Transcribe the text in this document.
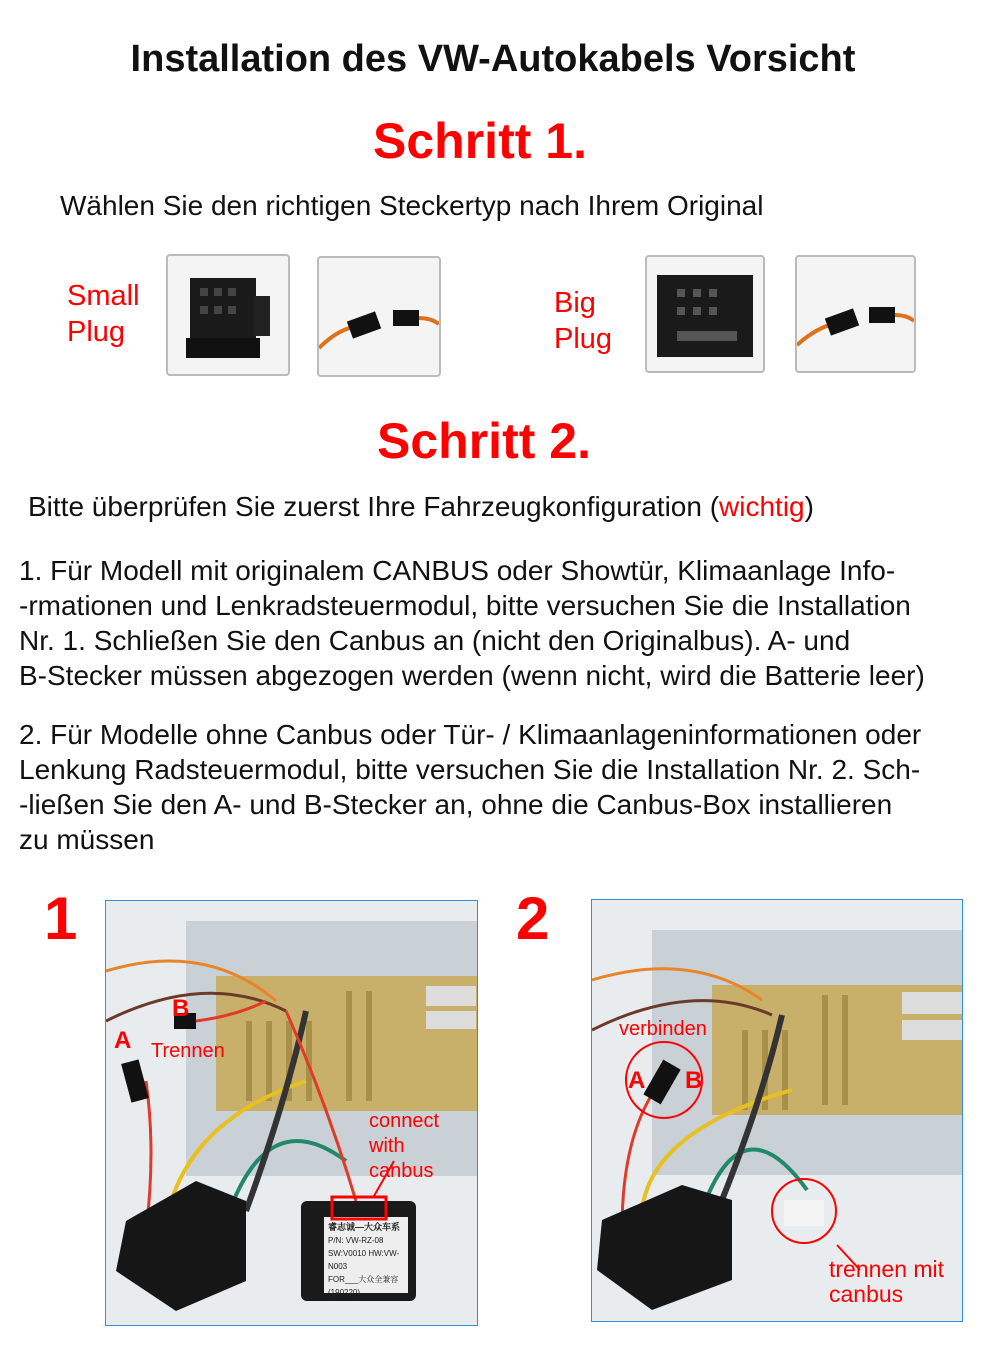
Installation des VW-Autokabels Vorsicht
Schritt 1.
Wählen Sie den richtigen Steckertyp nach Ihrem Original
Small
Plug
Big
Plug
Schritt 2.
Bitte überprüfen Sie zuerst Ihre Fahrzeugkonfiguration (wichtig)
1. Für Modell mit originalem CANBUS oder Showtür, Klimaanlage Info-
-rmationen und Lenkradsteuermodul, bitte versuchen Sie die Installation
Nr. 1. Schließen Sie den Canbus an (nicht den Originalbus). A- und
B-Stecker müssen abgezogen werden (wenn nicht, wird die Batterie leer)
2. Für Modelle ohne Canbus oder Tür- / Klimaanlageninformationen oder
Lenkung Radsteuermodul, bitte versuchen Sie die Installation Nr. 2. Sch-
-ließen Sie den A- und B-Stecker an, ohne die Canbus-Box installieren
zu müssen
1
B
A Trennen
connect with
canbus
睿志诚—大众车系
P/N: VW-RZ-08
SW:V0010 HW:VW-N003
FOR___大众全兼容 (190220)
2
verbinden
A B
trennen mit
canbus
